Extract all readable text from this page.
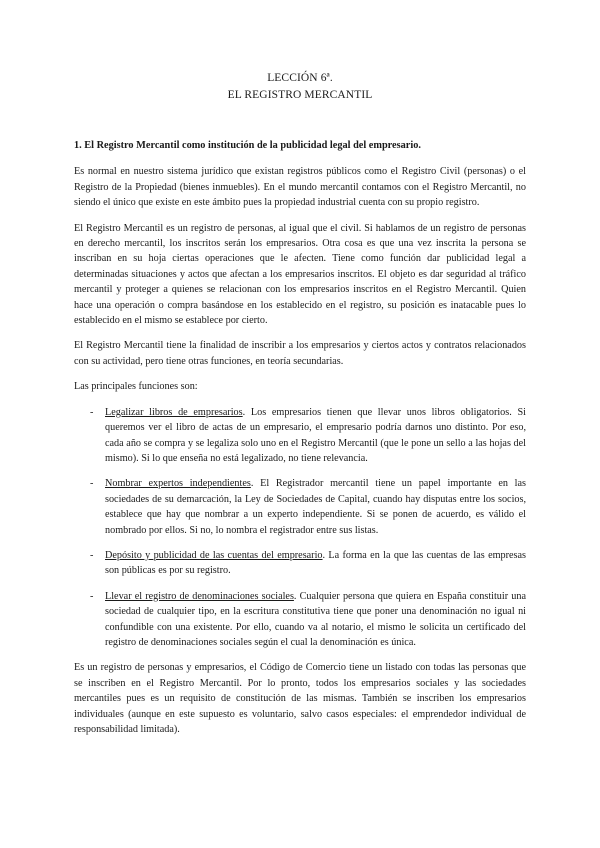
LECCIÓN 6ª.
EL REGISTRO MERCANTIL
1. El Registro Mercantil como institución de la publicidad legal del empresario.

Es normal en nuestro sistema jurídico que existan registros públicos como el Registro Civil (personas) o el Registro de la Propiedad (bienes inmuebles). En el mundo mercantil contamos con el Registro Mercantil, no siendo el único que existe en este ámbito pues la propiedad industrial cuenta con su propio registro.

El Registro Mercantil es un registro de personas, al igual que el civil. Si hablamos de un registro de personas en derecho mercantil, los inscritos serán los empresarios. Otra cosa es que una vez inscrita la persona se inscriban en su hoja ciertas operaciones que le afecten. Tiene como función dar publicidad legal a determinadas situaciones y actos que afectan a los empresarios inscritos. El objeto es dar seguridad al tráfico mercantil y proteger a quienes se relacionan con los empresarios inscritos en el Registro Mercantil. Quien hace una operación o compra basándose en los establecido en el registro, su posición es inatacable pues lo establecido en el mismo se establece por cierto.

El Registro Mercantil tiene la finalidad de inscribir a los empresarios y ciertos actos y contratos relacionados con su actividad, pero tiene otras funciones, en teoría secundarias.

Las principales funciones son:

- Legalizar libros de empresarios. Los empresarios tienen que llevar unos libros obligatorios. Si queremos ver el libro de actas de un empresario, el empresario podría darnos uno distinto. Por eso, cada año se compra y se legaliza solo uno en el Registro Mercantil (que le pone un sello a las hojas del mismo). Si lo que enseña no está legalizado, no tiene relevancia.
- Nombrar expertos independientes. El Registrador mercantil tiene un papel importante en las sociedades de su demarcación, la Ley de Sociedades de Capital, cuando hay disputas entre los socios, establece que hay que nombrar a un experto independiente. Si se ponen de acuerdo, es válido el nombrado por ellos. Si no, lo nombra el registrador entre sus listas.
- Depósito y publicidad de las cuentas del empresario. La forma en la que las cuentas de las empresas son públicas es por su registro.
- Llevar el registro de denominaciones sociales. Cualquier persona que quiera en España constituir una sociedad de cualquier tipo, en la escritura constitutiva tiene que poner una denominación no igual ni confundible con una existente. Por ello, cuando va al notario, el mismo le solicita un certificado del registro de denominaciones sociales según el cual la denominación es única.

Es un registro de personas y empresarios, el Código de Comercio tiene un listado con todas las personas que se inscriben en el Registro Mercantil. Por lo pronto, todos los empresarios sociales y las sociedades mercantiles pues es un requisito de constitución de las mismas. También se inscriben los empresarios individuales (aunque en este supuesto es voluntario, salvo casos especiales: el emprendedor individual de responsabilidad limitada).
